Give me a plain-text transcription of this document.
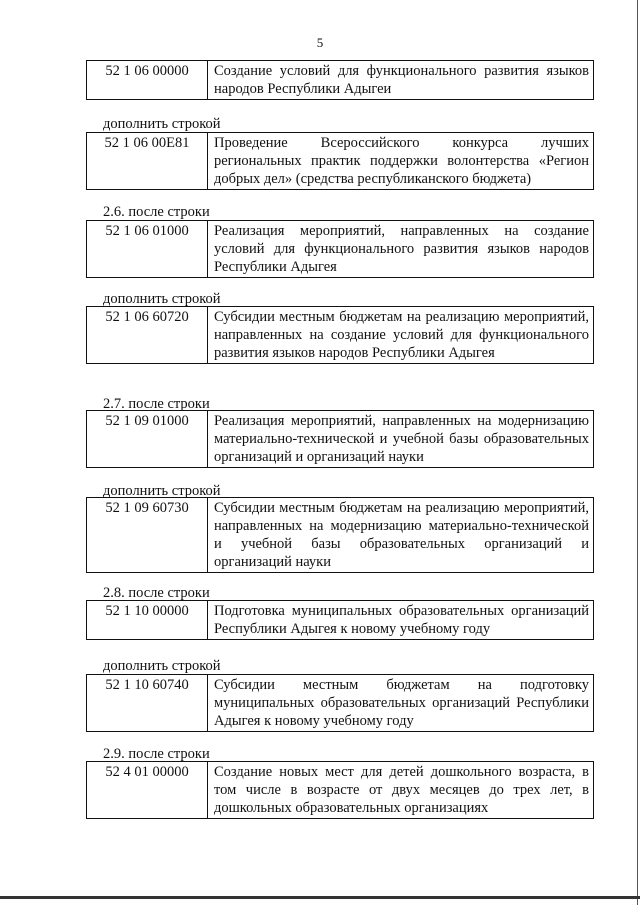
5
52 1 06 00000	Создание условий для функционального развития языков народов Республики Адыгеи
дополнить строкой
52 1 06 00E81	Проведение Всероссийского конкурса лучших региональных практик поддержки волонтерства «Регион добрых дел» (средства республиканского бюджета)
2.6. после строки
52 1 06 01000	Реализация мероприятий, направленных на создание условий для функционального развития языков народов Республики Адыгея
дополнить строкой
52 1 06 60720	Субсидии местным бюджетам на реализацию мероприятий, направленных на создание условий для функционального развития языков народов Республики Адыгея
2.7. после строки
52 1 09 01000	Реализация мероприятий, направленных на модернизацию материально-технической и учебной базы образовательных организаций и организаций науки
дополнить строкой
52 1 09 60730	Субсидии местным бюджетам на реализацию мероприятий, направленных на модернизацию материально-технической и учебной базы образовательных организаций и организаций науки
2.8. после строки
52 1 10 00000	Подготовка муниципальных образовательных организаций Республики Адыгея к новому учебному году
дополнить строкой
52 1 10 60740	Субсидии местным бюджетам на подготовку муниципальных образовательных организаций Республики Адыгея к новому учебному году
2.9. после строки
52 4 01 00000	Создание новых мест для детей дошкольного возраста, в том числе в возрасте от двух месяцев до трех лет, в дошкольных образовательных организациях
